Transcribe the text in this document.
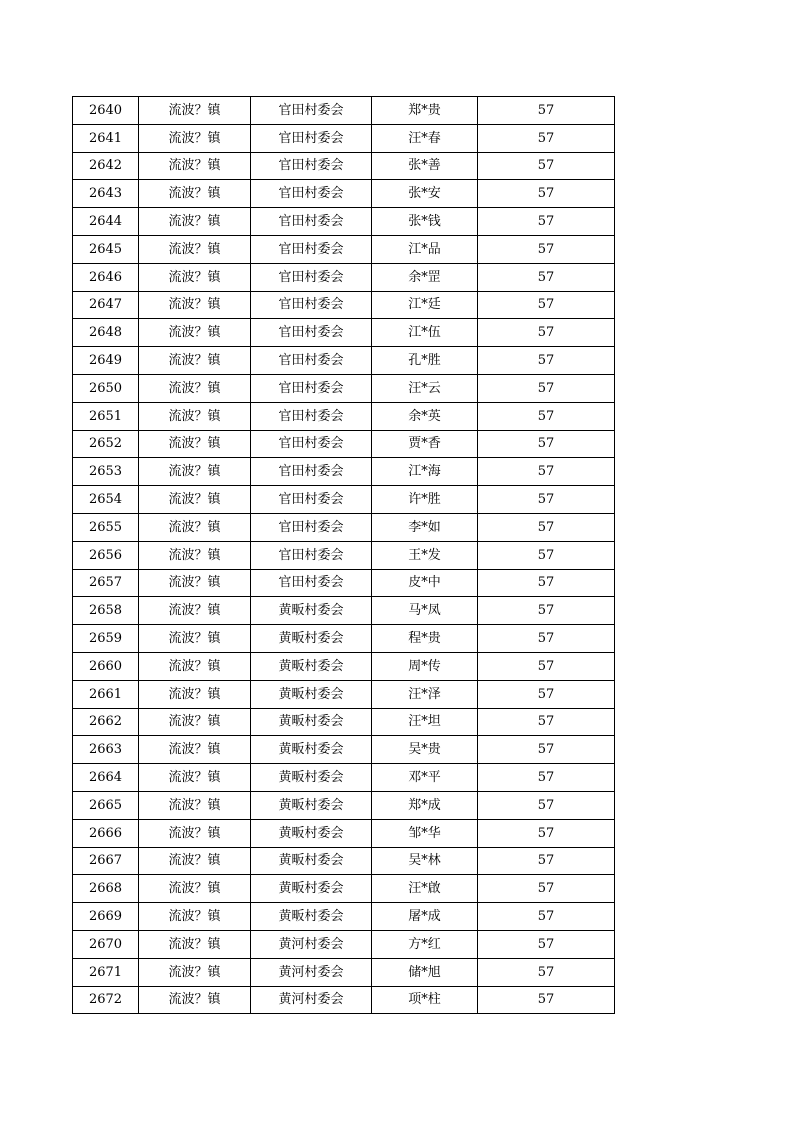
2640	流波？镇	官田村委会	郑*贵	57
2641	流波？镇	官田村委会	汪*春	57
2642	流波？镇	官田村委会	张*善	57
2643	流波？镇	官田村委会	张*安	57
2644	流波？镇	官田村委会	张*钱	57
2645	流波？镇	官田村委会	江*品	57
2646	流波？镇	官田村委会	余*罡	57
2647	流波？镇	官田村委会	江*廷	57
2648	流波？镇	官田村委会	江*伍	57
2649	流波？镇	官田村委会	孔*胜	57
2650	流波？镇	官田村委会	汪*云	57
2651	流波？镇	官田村委会	余*英	57
2652	流波？镇	官田村委会	贾*香	57
2653	流波？镇	官田村委会	江*海	57
2654	流波？镇	官田村委会	许*胜	57
2655	流波？镇	官田村委会	李*如	57
2656	流波？镇	官田村委会	王*发	57
2657	流波？镇	官田村委会	皮*中	57
2658	流波？镇	黄畈村委会	马*凤	57
2659	流波？镇	黄畈村委会	程*贵	57
2660	流波？镇	黄畈村委会	周*传	57
2661	流波？镇	黄畈村委会	汪*泽	57
2662	流波？镇	黄畈村委会	汪*坦	57
2663	流波？镇	黄畈村委会	吴*贵	57
2664	流波？镇	黄畈村委会	邓*平	57
2665	流波？镇	黄畈村委会	郑*成	57
2666	流波？镇	黄畈村委会	邹*华	57
2667	流波？镇	黄畈村委会	吴*林	57
2668	流波？镇	黄畈村委会	汪*啟	57
2669	流波？镇	黄畈村委会	屠*成	57
2670	流波？镇	黄河村委会	方*红	57
2671	流波？镇	黄河村委会	储*旭	57
2672	流波？镇	黄河村委会	项*柱	57
